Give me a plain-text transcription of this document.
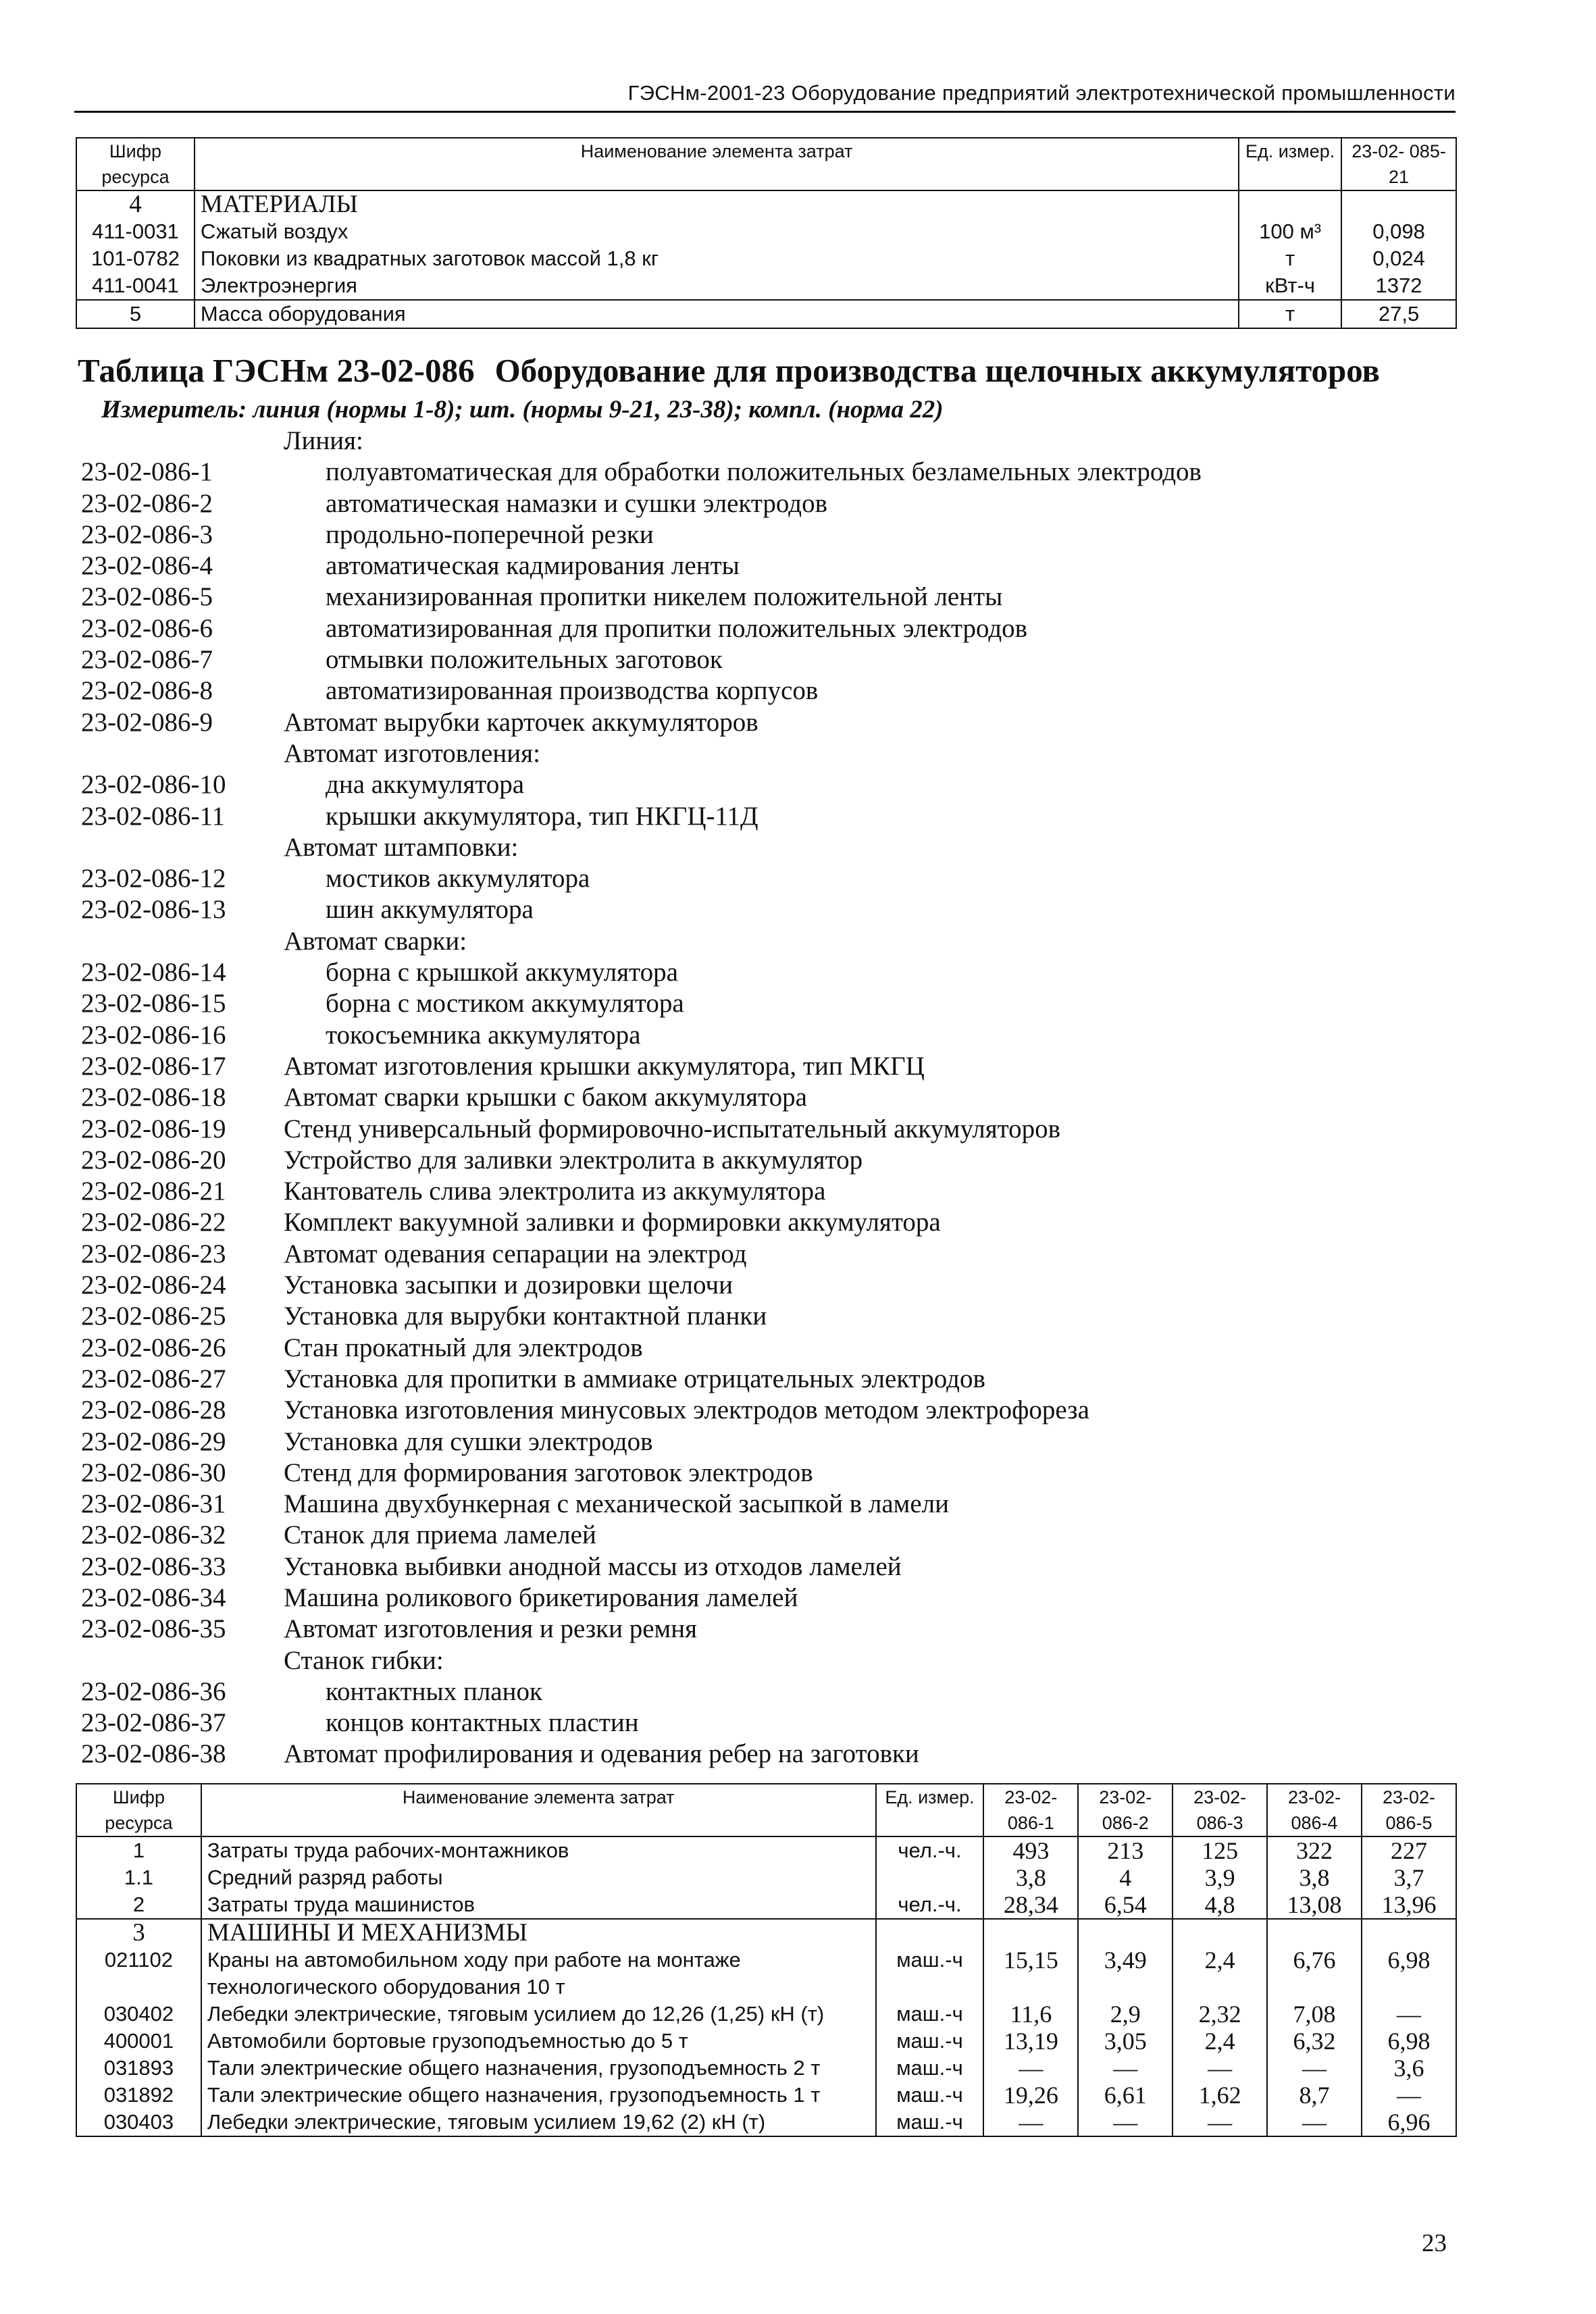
ГЭСНм-2001-23 Оборудование предприятий электротехнической промышленности
Шифр ресурса	Наименование элемента затрат	Ед. измер.	23-02- 085-21
4	МАТЕРИАЛЫ		
411-0031	Сжатый воздух	100 м³	0,098
101-0782	Поковки из квадратных заготовок массой 1,8 кг	т	0,024
411-0041	Электроэнергия	кВт-ч	1372
5	Масса оборудования	т	27,5
Таблица ГЭСНм 23-02-086 Оборудование для производства щелочных аккумуляторов
Измеритель: линия (нормы 1-8); шт. (нормы 9-21, 23-38); компл. (норма 22)
Линия:
23-02-086-1	полуавтоматическая для обработки положительных безламельных электродов
23-02-086-2	автоматическая намазки и сушки электродов
23-02-086-3	продольно-поперечной резки
23-02-086-4	автоматическая кадмирования ленты
23-02-086-5	механизированная пропитки никелем положительной ленты
23-02-086-6	автоматизированная для пропитки положительных электродов
23-02-086-7	отмывки положительных заготовок
23-02-086-8	автоматизированная производства корпусов
23-02-086-9	Автомат вырубки карточек аккумуляторов
Автомат изготовления:
23-02-086-10	дна аккумулятора
23-02-086-11	крышки аккумулятора, тип НКГЦ-11Д
Автомат штамповки:
23-02-086-12	мостиков аккумулятора
23-02-086-13	шин аккумулятора
Автомат сварки:
23-02-086-14	борна с крышкой аккумулятора
23-02-086-15	борна с мостиком аккумулятора
23-02-086-16	токосъемника аккумулятора
23-02-086-17 Автомат изготовления крышки аккумулятора, тип МКГЦ
23-02-086-18 Автомат сварки крышки с баком аккумулятора
23-02-086-19 Стенд универсальный формировочно-испытательный аккумуляторов
23-02-086-20 Устройство для заливки электролита в аккумулятор
23-02-086-21 Кантователь слива электролита из аккумулятора
23-02-086-22 Комплект вакуумной заливки и формировки аккумулятора
23-02-086-23 Автомат одевания сепарации на электрод
23-02-086-24 Установка засыпки и дозировки щелочи
23-02-086-25 Установка для вырубки контактной планки
23-02-086-26 Стан прокатный для электродов
23-02-086-27 Установка для пропитки в аммиаке отрицательных электродов
23-02-086-28 Установка изготовления минусовых электродов методом электрофореза
23-02-086-29 Установка для сушки электродов
23-02-086-30 Стенд для формирования заготовок электродов
23-02-086-31 Машина двухбункерная с механической засыпкой в ламели
23-02-086-32 Станок для приема ламелей
23-02-086-33 Установка выбивки анодной массы из отходов ламелей
23-02-086-34 Машина роликового брикетирования ламелей
23-02-086-35 Автомат изготовления и резки ремня
Станок гибки:
23-02-086-36	контактных планок
23-02-086-37	концов контактных пластин
23-02-086-38 Автомат профилирования и одевания ребер на заготовки
Шифр ресурса	Наименование элемента затрат	Ед. измер.	23-02- 086-1	23-02- 086-2	23-02- 086-3	23-02- 086-4	23-02- 086-5
1	Затраты труда рабочих-монтажников	чел.-ч.	493	213	125	322	227
1.1	Средний разряд работы		3,8	4	3,9	3,8	3,7
2	Затраты труда машинистов	чел.-ч.	28,34	6,54	4,8	13,08	13,96
3	МАШИНЫ И МЕХАНИЗМЫ						
021102	Краны на автомобильном ходу при работе на монтаже технологического оборудования 10 т	маш.-ч	15,15	3,49	2,4	6,76	6,98
030402	Лебедки электрические, тяговым усилием до 12,26 (1,25) кН (т)	маш.-ч	11,6	2,9	2,32	7,08	—
400001	Автомобили бортовые грузоподъемностью до 5 т	маш.-ч	13,19	3,05	2,4	6,32	6,98
031893	Тали электрические общего назначения, грузоподъемность 2 т	маш.-ч	—	—	—	—	3,6
031892	Тали электрические общего назначения, грузоподъемность 1 т	маш.-ч	19,26	6,61	1,62	8,7	—
030403	Лебедки электрические, тяговым усилием 19,62 (2) кН (т)	маш.-ч	—	—	—	—	6,96
23
